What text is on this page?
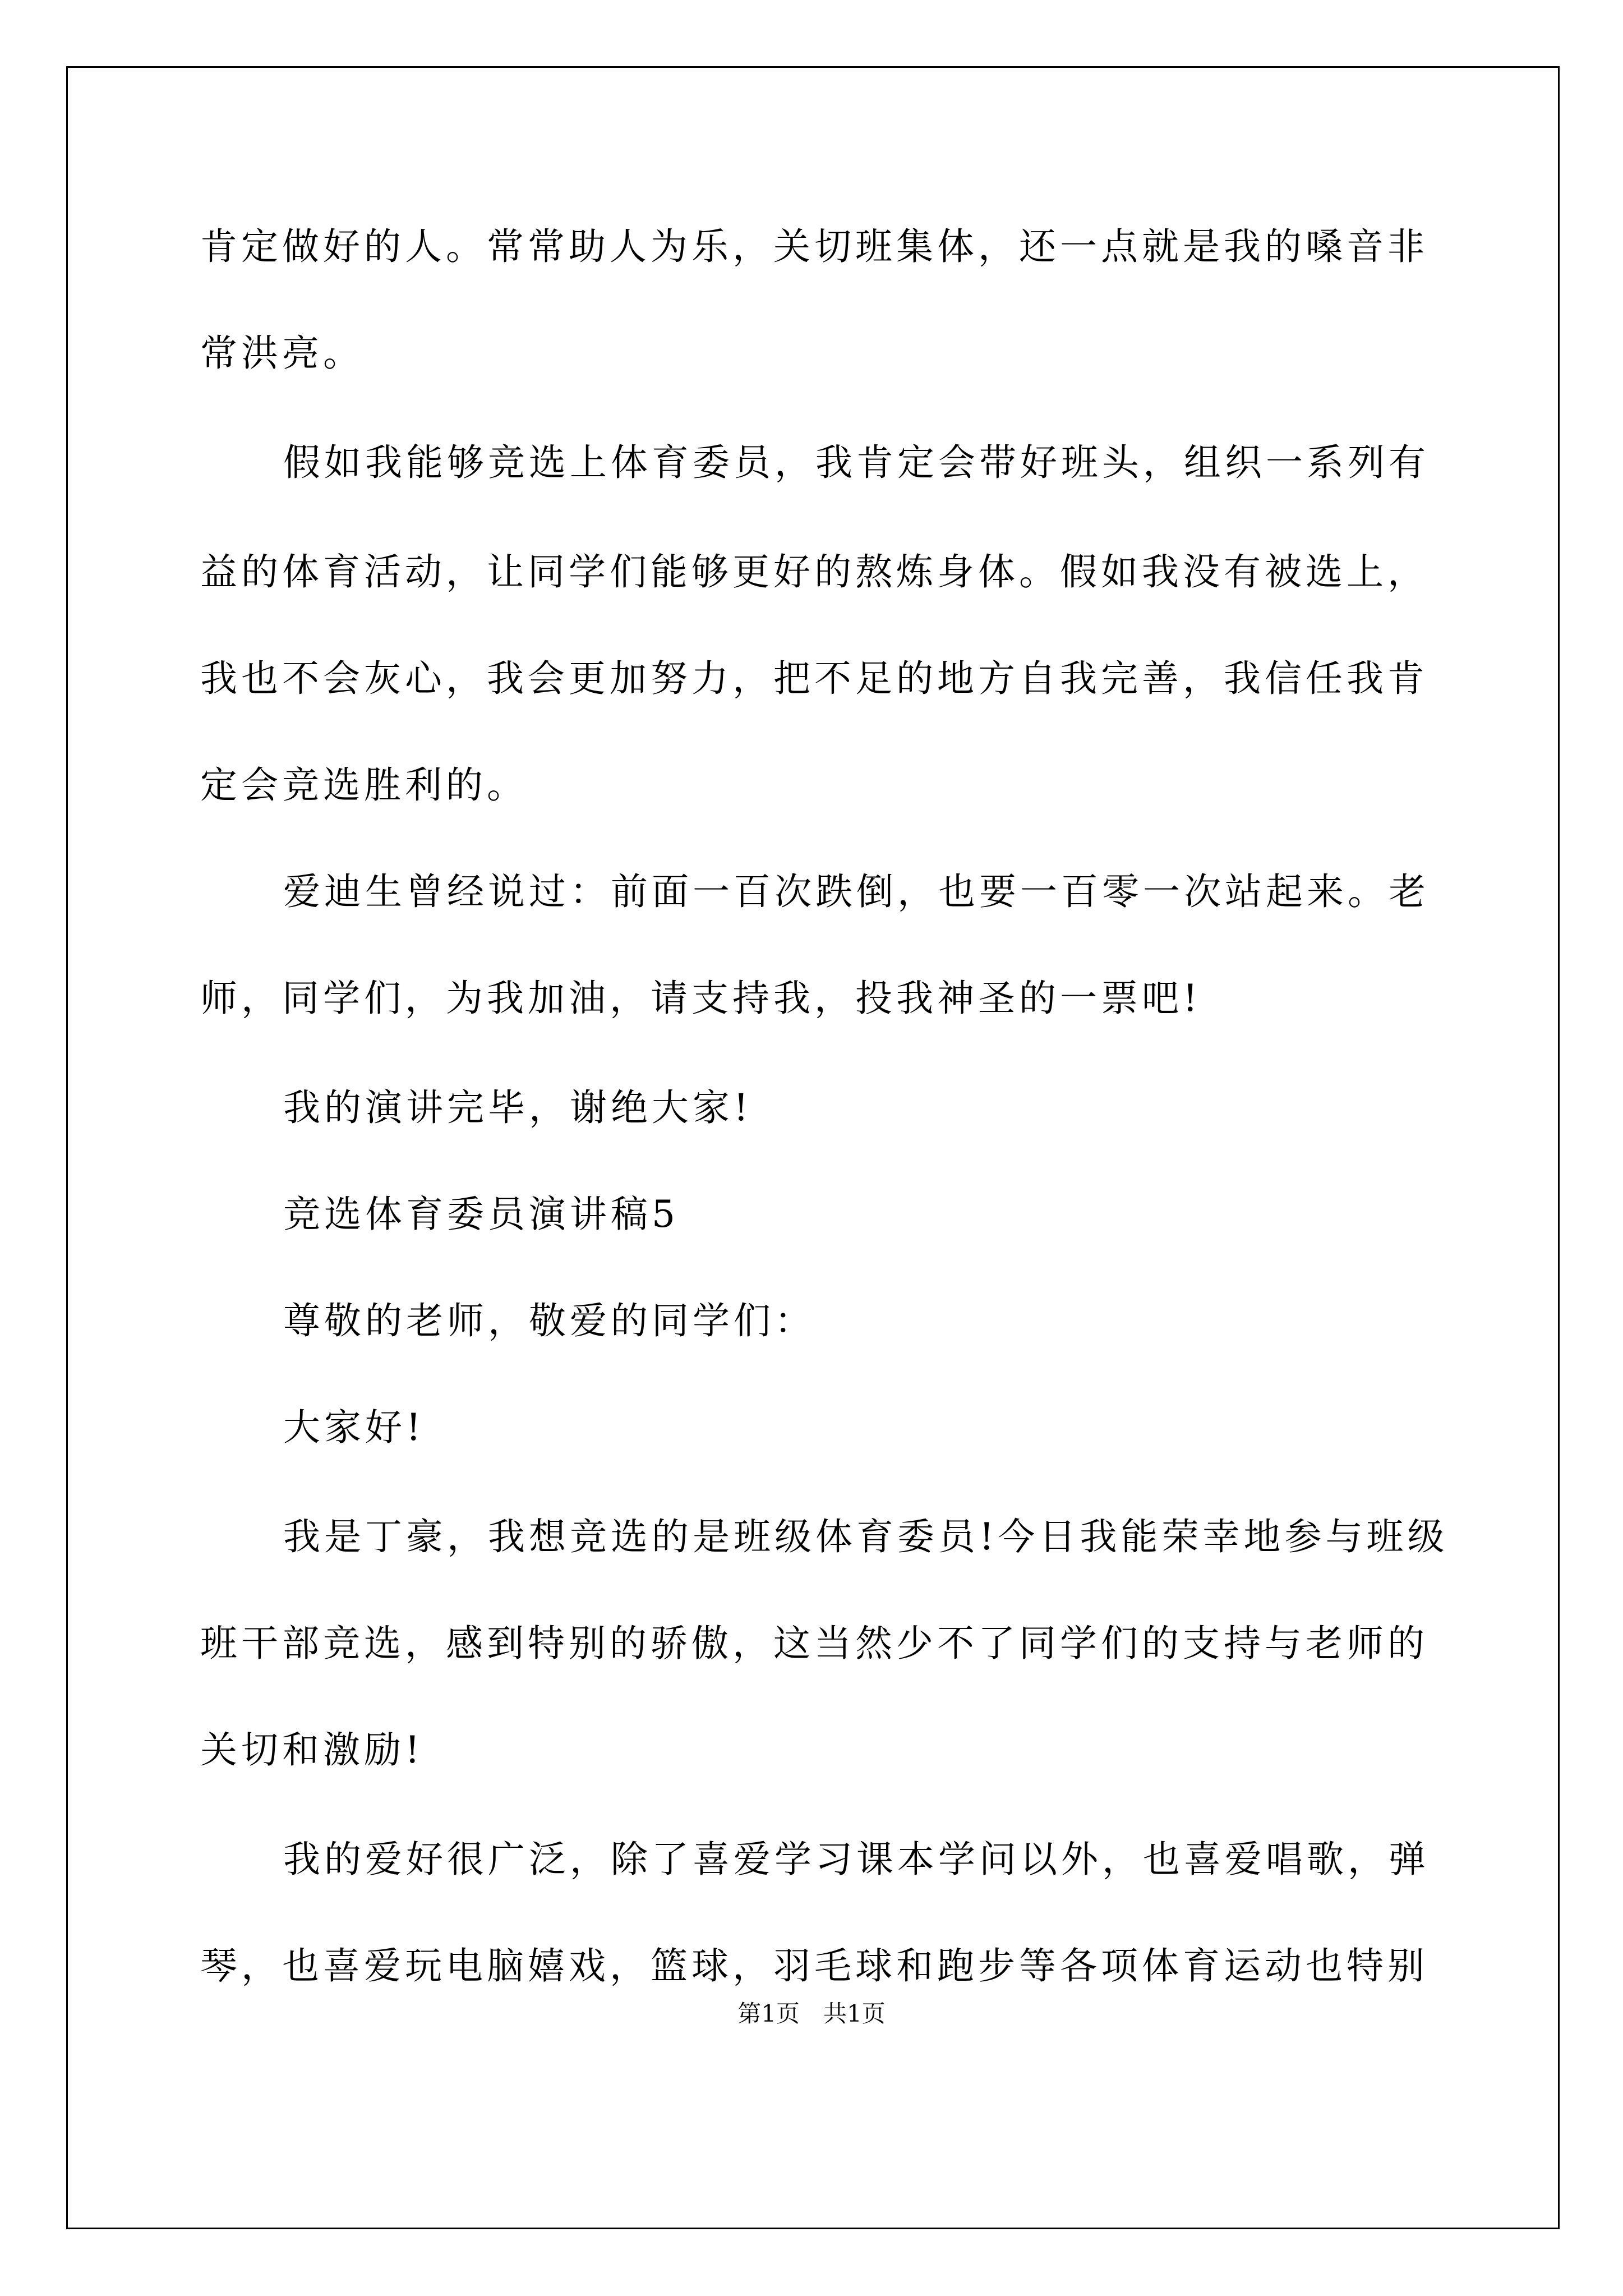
肯定做好的人。常常助人为乐，关切班集体，还一点就是我的嗓音非
常洪亮。
假如我能够竞选上体育委员，我肯定会带好班头，组织一系列有
益的体育活动，让同学们能够更好的熬炼身体。假如我没有被选上，
我也不会灰心，我会更加努力，把不足的地方自我完善，我信任我肯
定会竞选胜利的。
爱迪生曾经说过：前面一百次跌倒，也要一百零一次站起来。老
师，同学们，为我加油，请支持我，投我神圣的一票吧!
我的演讲完毕，谢绝大家!
竞选体育委员演讲稿5
尊敬的老师，敬爱的同学们：
大家好!
我是丁豪，我想竞选的是班级体育委员!今日我能荣幸地参与班级
班干部竞选，感到特别的骄傲，这当然少不了同学们的支持与老师的
关切和激励!
我的爱好很广泛，除了喜爱学习课本学问以外，也喜爱唱歌，弹
琴，也喜爱玩电脑嬉戏，篮球，羽毛球和跑步等各项体育运动也特别
第1页　共1页
